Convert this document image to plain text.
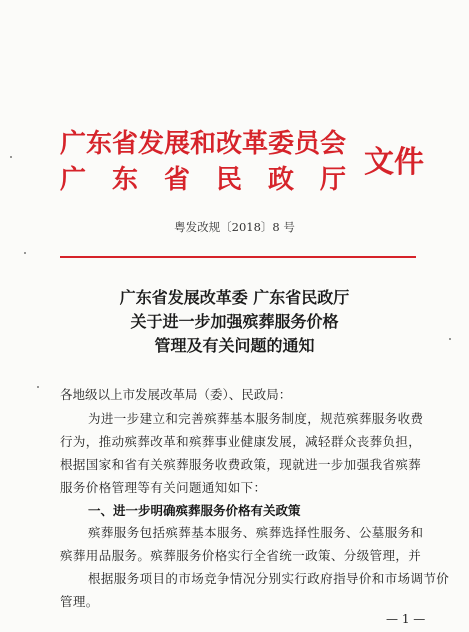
广东省发展和改革委员会
广东省民政厅
文件
粤发改规〔2018〕8 号
广东省发展改革委 广东省民政厅
关于进一步加强殡葬服务价格
管理及有关问题的通知
各地级以上市发展改革局（委）、民政局：
为进一步建立和完善殡葬基本服务制度，规范殡葬服务收费
行为，推动殡葬改革和殡葬事业健康发展，减轻群众丧葬负担，
根据国家和省有关殡葬服务收费政策，现就进一步加强我省殡葬
服务价格管理等有关问题通知如下：
一、进一步明确殡葬服务价格有关政策
殡葬服务包括殡葬基本服务、殡葬选择性服务、公墓服务和
殡葬用品服务。殡葬服务价格实行全省统一政策、分级管理，并
根据服务项目的市场竞争情况分别实行政府指导价和市场调节价
管理。
— 1 —
